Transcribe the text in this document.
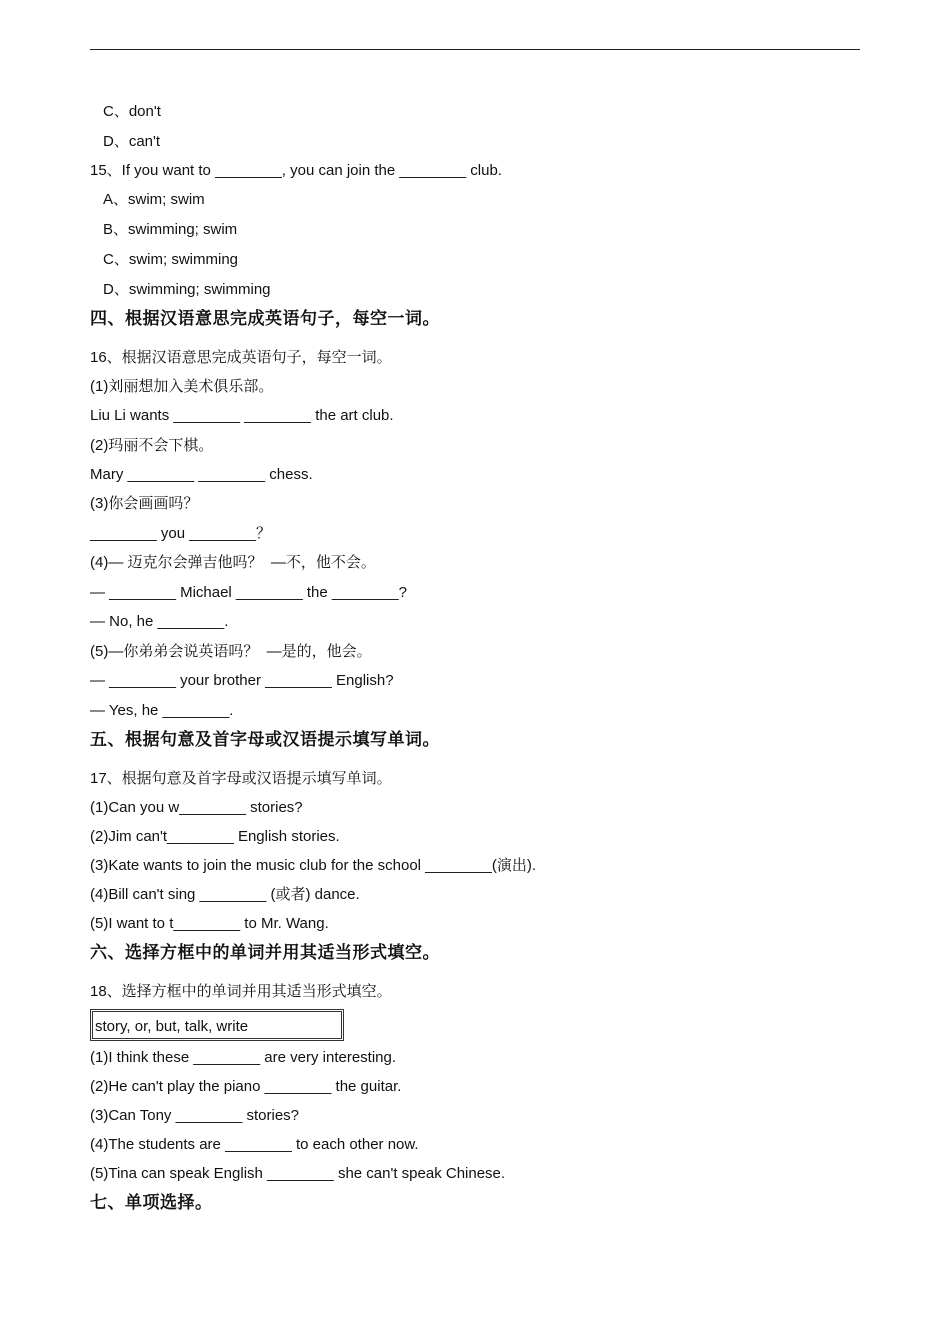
C、don't
D、can't
15、If you want to ________, you can join the ________ club.
A、swim; swim
B、swimming; swim
C、swim; swimming
D、swimming; swimming
四、根据汉语意思完成英语句子，每空一词。
16、根据汉语意思完成英语句子，每空一词。
(1)刘丽想加入美术俱乐部。
Liu Li wants ________ ________ the art club.
(2)玛丽不会下棋。
Mary ________ ________ chess.
(3)你会画画吗？
________ you ________？
(4)— 迈克尔会弹吉他吗？  —不，他不会。
— ________ Michael ________ the ________?
— No, he ________.
(5)—你弟弟会说英语吗？  —是的，他会。
— ________ your brother ________ English?
— Yes, he ________.
五、根据句意及首字母或汉语提示填写单词。
17、根据句意及首字母或汉语提示填写单词。
(1)Can you w________ stories?
(2)Jim can't________ English stories.
(3)Kate wants to join the music club for the school ________(演出).
(4)Bill can't sing ________ (或者) dance.
(5)I want to t________ to Mr. Wang.
六、选择方框中的单词并用其适当形式填空。
18、选择方框中的单词并用其适当形式填空。
story, or, but, talk, write
(1)I think these ________ are very interesting.
(2)He can't play the piano ________ the guitar.
(3)Can Tony ________ stories?
(4)The students are ________ to each other now.
(5)Tina can speak English ________ she can't speak Chinese.
七、单项选择。
